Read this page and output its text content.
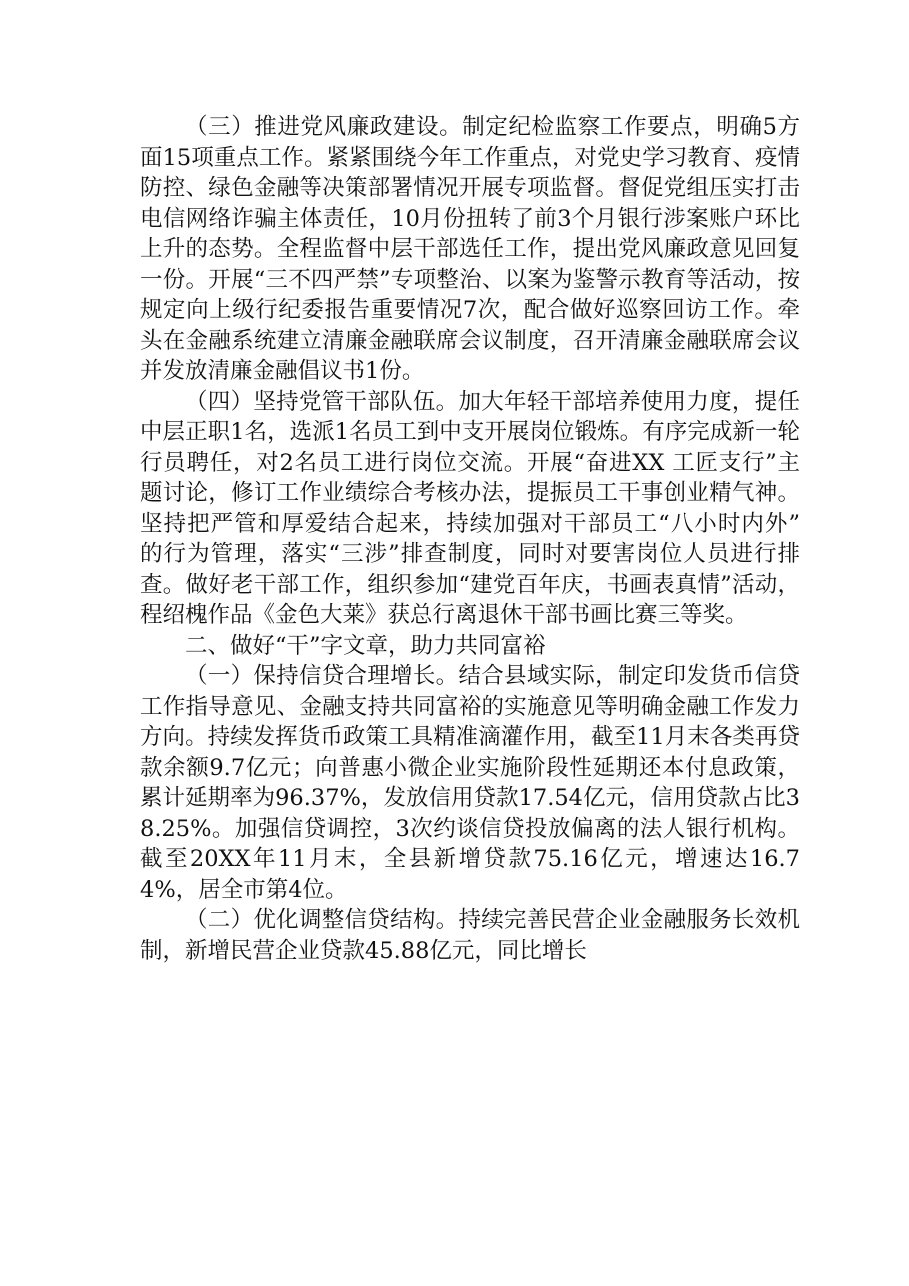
（三）推进党风廉政建设。制定纪检监察工作要点，明确5方面15项重点工作。紧紧围绕今年工作重点，对党史学习教育、疫情防控、绿色金融等决策部署情况开展专项监督。督促党组压实打击电信网络诈骗主体责任，10月份扭转了前3个月银行涉案账户环比上升的态势。全程监督中层干部选任工作，提出党风廉政意见回复一份。开展“三不四严禁”专项整治、以案为鉴警示教育等活动，按规定向上级行纪委报告重要情况7次，配合做好巡察回访工作。牵头在金融系统建立清廉金融联席会议制度，召开清廉金融联席会议并发放清廉金融倡议书1份。

（四）坚持党管干部队伍。加大年轻干部培养使用力度，提任中层正职1名，选派1名员工到中支开展岗位锻炼。有序完成新一轮行员聘任，对2名员工进行岗位交流。开展“奋进XX 工匠支行”主题讨论，修订工作业绩综合考核办法，提振员工干事创业精气神。坚持把严管和厚爱结合起来，持续加强对干部员工“八小时内外” 的行为管理，落实“三涉”排查制度，同时对要害岗位人员进行排查。做好老干部工作，组织参加“建党百年庆，书画表真情”活动，程绍槐作品《金色大莱》获总行离退休干部书画比赛三等奖。

二、做好“干”字文章，助力共同富裕

（一）保持信贷合理增长。结合县域实际，制定印发货币信贷工作指导意见、金融支持共同富裕的实施意见等明确金融工作发力方向。持续发挥货币政策工具精准滴灌作用，截至11月末各类再贷款余额9.7亿元；向普惠小微企业实施阶段性延期还本付息政策，累计延期率为96.37%，发放信用贷款17.54亿元，信用贷款占比38.25%。加强信贷调控，3次约谈信贷投放偏离的法人银行机构。截至20XX年11月末，全县新增贷款75.16亿元，增速达16.74%，居全市第4位。

（二）优化调整信贷结构。持续完善民营企业金融服务长效机制，新增民营企业贷款45.88亿元，同比增长
